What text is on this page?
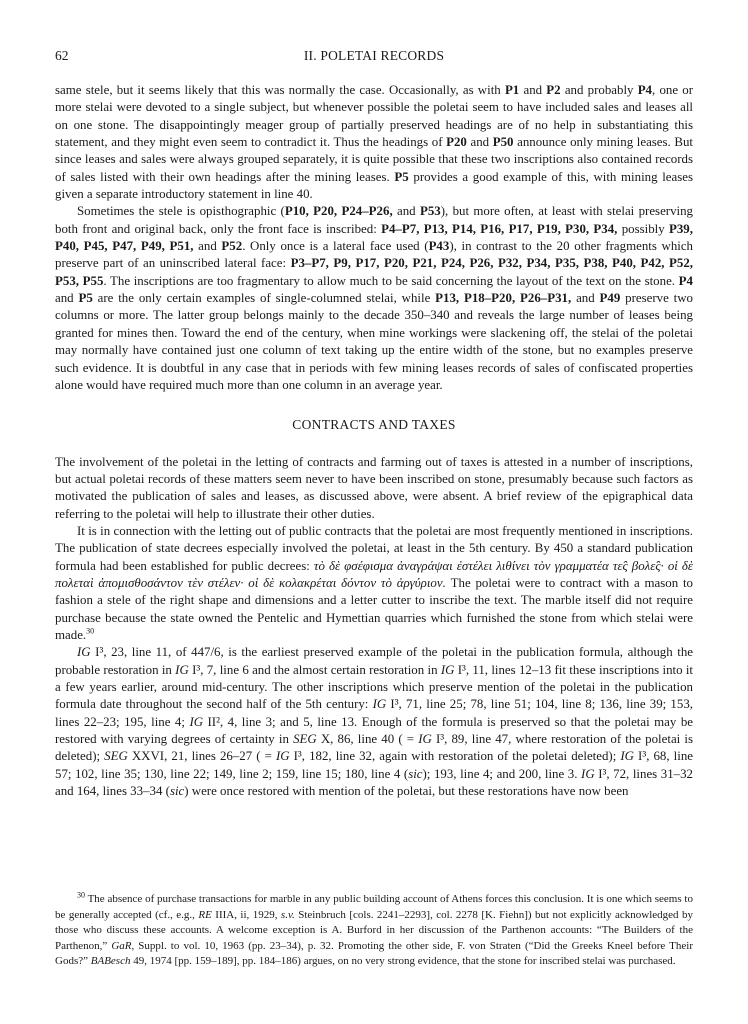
62	II. POLETAI RECORDS

same stele, but it seems likely that this was normally the case. Occasionally, as with P1 and P2 and probably P4, one or more stelai were devoted to a single subject, but whenever possible the poletai seem to have included sales and leases all on one stone. The disappointingly meager group of partially preserved headings are of no help in substantiating this statement, and they might even seem to contradict it. Thus the headings of P20 and P50 announce only mining leases. But since leases and sales were always grouped separately, it is quite possible that these two inscriptions also contained records of sales listed with their own headings after the mining leases. P5 provides a good example of this, with mining leases given a separate introductory statement in line 40.

Sometimes the stele is opisthographic (P10, P20, P24–P26, and P53), but more often, at least with stelai preserving both front and original back, only the front face is inscribed: P4–P7, P13, P14, P16, P17, P19, P30, P34, possibly P39, P40, P45, P47, P49, P51, and P52. Only once is a lateral face used (P43), in contrast to the 20 other fragments which preserve part of an uninscribed lateral face: P3–P7, P9, P17, P20, P21, P24, P26, P32, P34, P35, P38, P40, P42, P52, P53, P55. The inscriptions are too fragmentary to allow much to be said concerning the layout of the text on the stone. P4 and P5 are the only certain examples of single-columned stelai, while P13, P18–P20, P26–P31, and P49 preserve two columns or more. The latter group belongs mainly to the decade 350–340 and reveals the large number of leases being granted for mines then. Toward the end of the century, when mine workings were slackening off, the stelai of the poletai may normally have contained just one column of text taking up the entire width of the stone, but no examples preserve such evidence. It is doubtful in any case that in periods with few mining leases records of sales of confiscated properties alone would have required much more than one column in an average year.

CONTRACTS AND TAXES

The involvement of the poletai in the letting of contracts and farming out of taxes is attested in a number of inscriptions, but actual poletai records of these matters seem never to have been inscribed on stone, presumably because such factors as motivated the publication of sales and leases, as discussed above, were absent. A brief review of the epigraphical data referring to the poletai will help to illustrate their other duties.

It is in connection with the letting out of public contracts that the poletai are most frequently mentioned in inscriptions. The publication of state decrees especially involved the poletai, at least in the 5th century. By 450 a standard publication formula had been established for public decrees: τὸ δὲ φσέφισμα ἀναγράψαι ἐστέλει λιθίνει τὸν γραμματέα τε̂ς βολε̂ς· οἱ δὲ πολεταὶ ἀπομισθοσάντον τὲν στέλεν· οἱ δὲ κολακρέται δόντον τὸ ἀργύριον. The poletai were to contract with a mason to fashion a stele of the right shape and dimensions and a letter cutter to inscribe the text. The marble itself did not require purchase because the state owned the Pentelic and Hymettian quarries which furnished the stone from which stelai were made.$^{30}$

IG I³, 23, line 11, of 447/6, is the earliest preserved example of the poletai in the publication formula, although the probable restoration in IG I³, 7, line 6 and the almost certain restoration in IG I³, 11, lines 12–13 fit these inscriptions into it a few years earlier, around mid-century. The other inscriptions which preserve mention of the poletai in the publication formula date throughout the second half of the 5th century: IG I³, 71, line 25; 78, line 51; 104, line 8; 136, line 39; 153, lines 22–23; 195, line 4; IG II², 4, line 3; and 5, line 13. Enough of the formula is preserved so that the poletai may be restored with varying degrees of certainty in SEG X, 86, line 40 ( = IG I³, 89, line 47, where restoration of the poletai is deleted); SEG XXVI, 21, lines 26–27 ( = IG I³, 182, line 32, again with restoration of the poletai deleted); IG I³, 68, line 57; 102, line 35; 130, line 22; 149, line 2; 159, line 15; 180, line 4 (sic); 193, line 4; and 200, line 3. IG I³, 72, lines 31–32 and 164, lines 33–34 (sic) were once restored with mention of the poletai, but these restorations have now been

$^{30}$ The absence of purchase transactions for marble in any public building account of Athens forces this conclusion. It is one which seems to be generally accepted (cf., e.g., RE IIIA, ii, 1929, s.v. Steinbruch [cols. 2241–2293], col. 2278 [K. Fiehn]) but not explicitly acknowledged by those who discuss these accounts. A welcome exception is A. Burford in her discussion of the Parthenon accounts: “The Builders of the Parthenon,” GaR, Suppl. to vol. 10, 1963 (pp. 23–34), p. 32. Promoting the other side, F. von Straten (“Did the Greeks Kneel before Their Gods?” BABesch 49, 1974 [pp. 159–189], pp. 184–186) argues, on no very strong evidence, that the stone for inscribed stelai was purchased.
